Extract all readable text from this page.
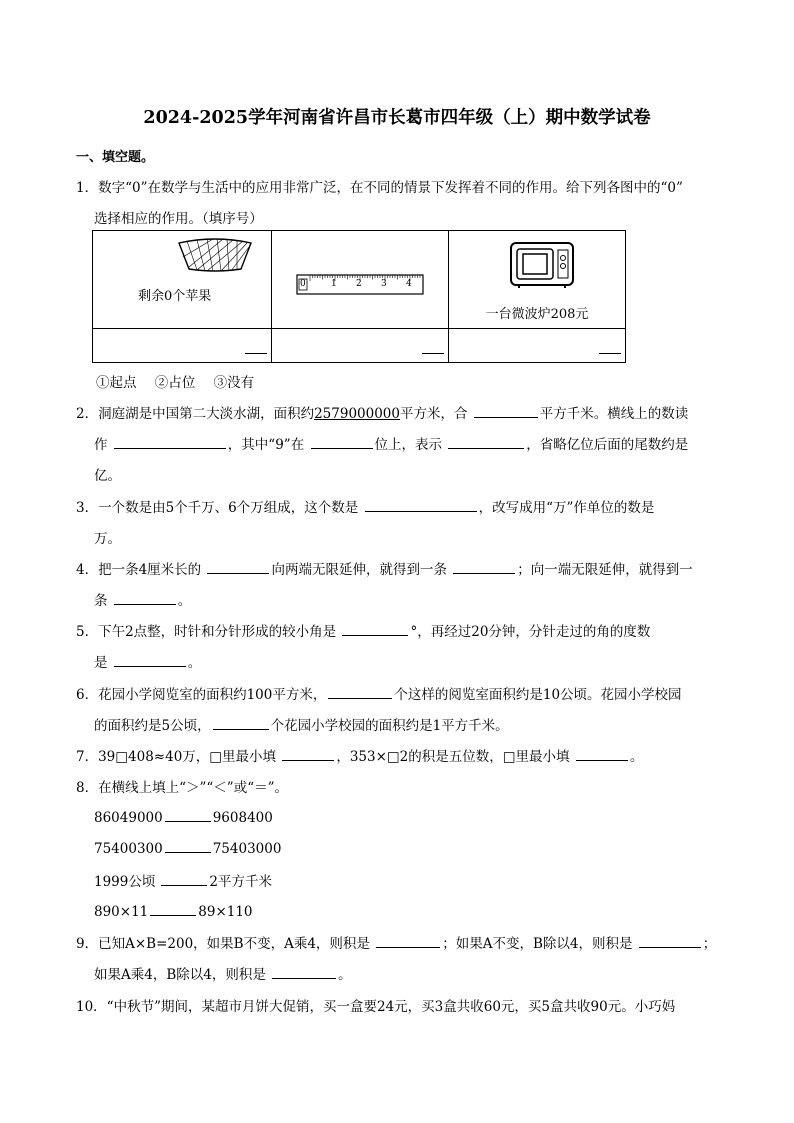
2024-2025学年河南省许昌市长葛市四年级（上）期中数学试卷
一、填空题。
1．数字“0”在数学与生活中的应用非常广泛，在不同的情景下发挥着不同的作用。给下列各图中的“0”
选择相应的作用。（填序号）
剩余0个苹果	0 1 2 3 4	一台微波炉208元

①起点 ②占位 ③没有
2．洞庭湖是中国第二大淡水湖，面积约2579000000平方米，合	平方千米。横线上的数读
作	，其中“9”在	位上，表示	，省略亿位后面的尾数约是
亿。
3．一个数是由5个千万、6个万组成，这个数是	，改写成用“万”作单位的数是
万。
4．把一条4厘米长的	向两端无限延伸，就得到一条	；向一端无限延伸，就得到一
条	。
5．下午2点整，时针和分针形成的较小角是	°，再经过20分钟，分针走过的角的度数
是	。
6．花园小学阅览室的面积约100平方米，	个这样的阅览室面积约是10公顷。花园小学校园
的面积约是5公顷，	个花园小学校园的面积约是1平方千米。
7．39□408≈40万，□里最小填	，353×□2的积是五位数，□里最小填	。
8．在横线上填上“＞”“＜”或“＝”。
86049000	9608400
75400300	75403000
1999公顷	2平方千米
890×11	89×110
9．已知A×B=200，如果B不变，A乘4，则积是	；如果A不变，B除以4，则积是	；
如果A乘4，B除以4，则积是	。
10．“中秋节”期间，某超市月饼大促销，买一盒要24元，买3盒共收60元，买5盒共收90元。小巧妈
